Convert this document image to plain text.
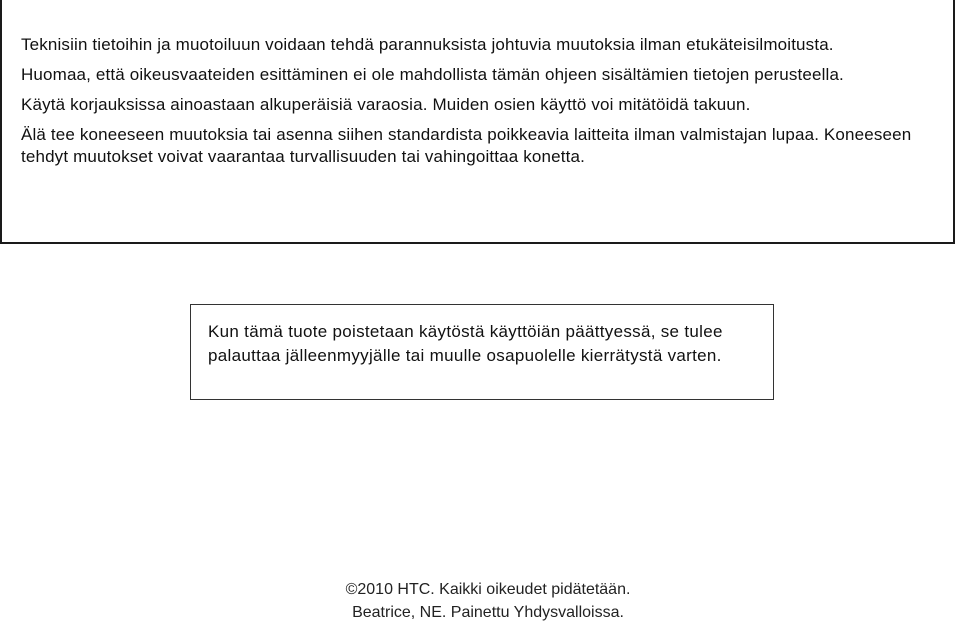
Teknisiin tietoihin ja muotoiluun voidaan tehdä parannuksista johtuvia muutoksia ilman etukäteisilmoitusta.

Huomaa, että oikeusvaateiden esittäminen ei ole mahdollista tämän ohjeen sisältämien tietojen perusteella.

Käytä korjauksissa ainoastaan alkuperäisiä varaosia. Muiden osien käyttö voi mitätöidä takuun.

Älä tee koneeseen muutoksia tai asenna siihen standardista poikkeavia laitteita ilman valmistajan lupaa. Koneeseen tehdyt muutokset voivat vaarantaa turvallisuuden tai vahingoittaa konetta.

Kun tämä tuote poistetaan käytöstä käyttöiän päättyessä, se tulee palauttaa jälleenmyyjälle tai muulle osapuolelle kierrätystä varten.
©2010 HTC. Kaikki oikeudet pidätetään.
Beatrice, NE. Painettu Yhdysvalloissa.
